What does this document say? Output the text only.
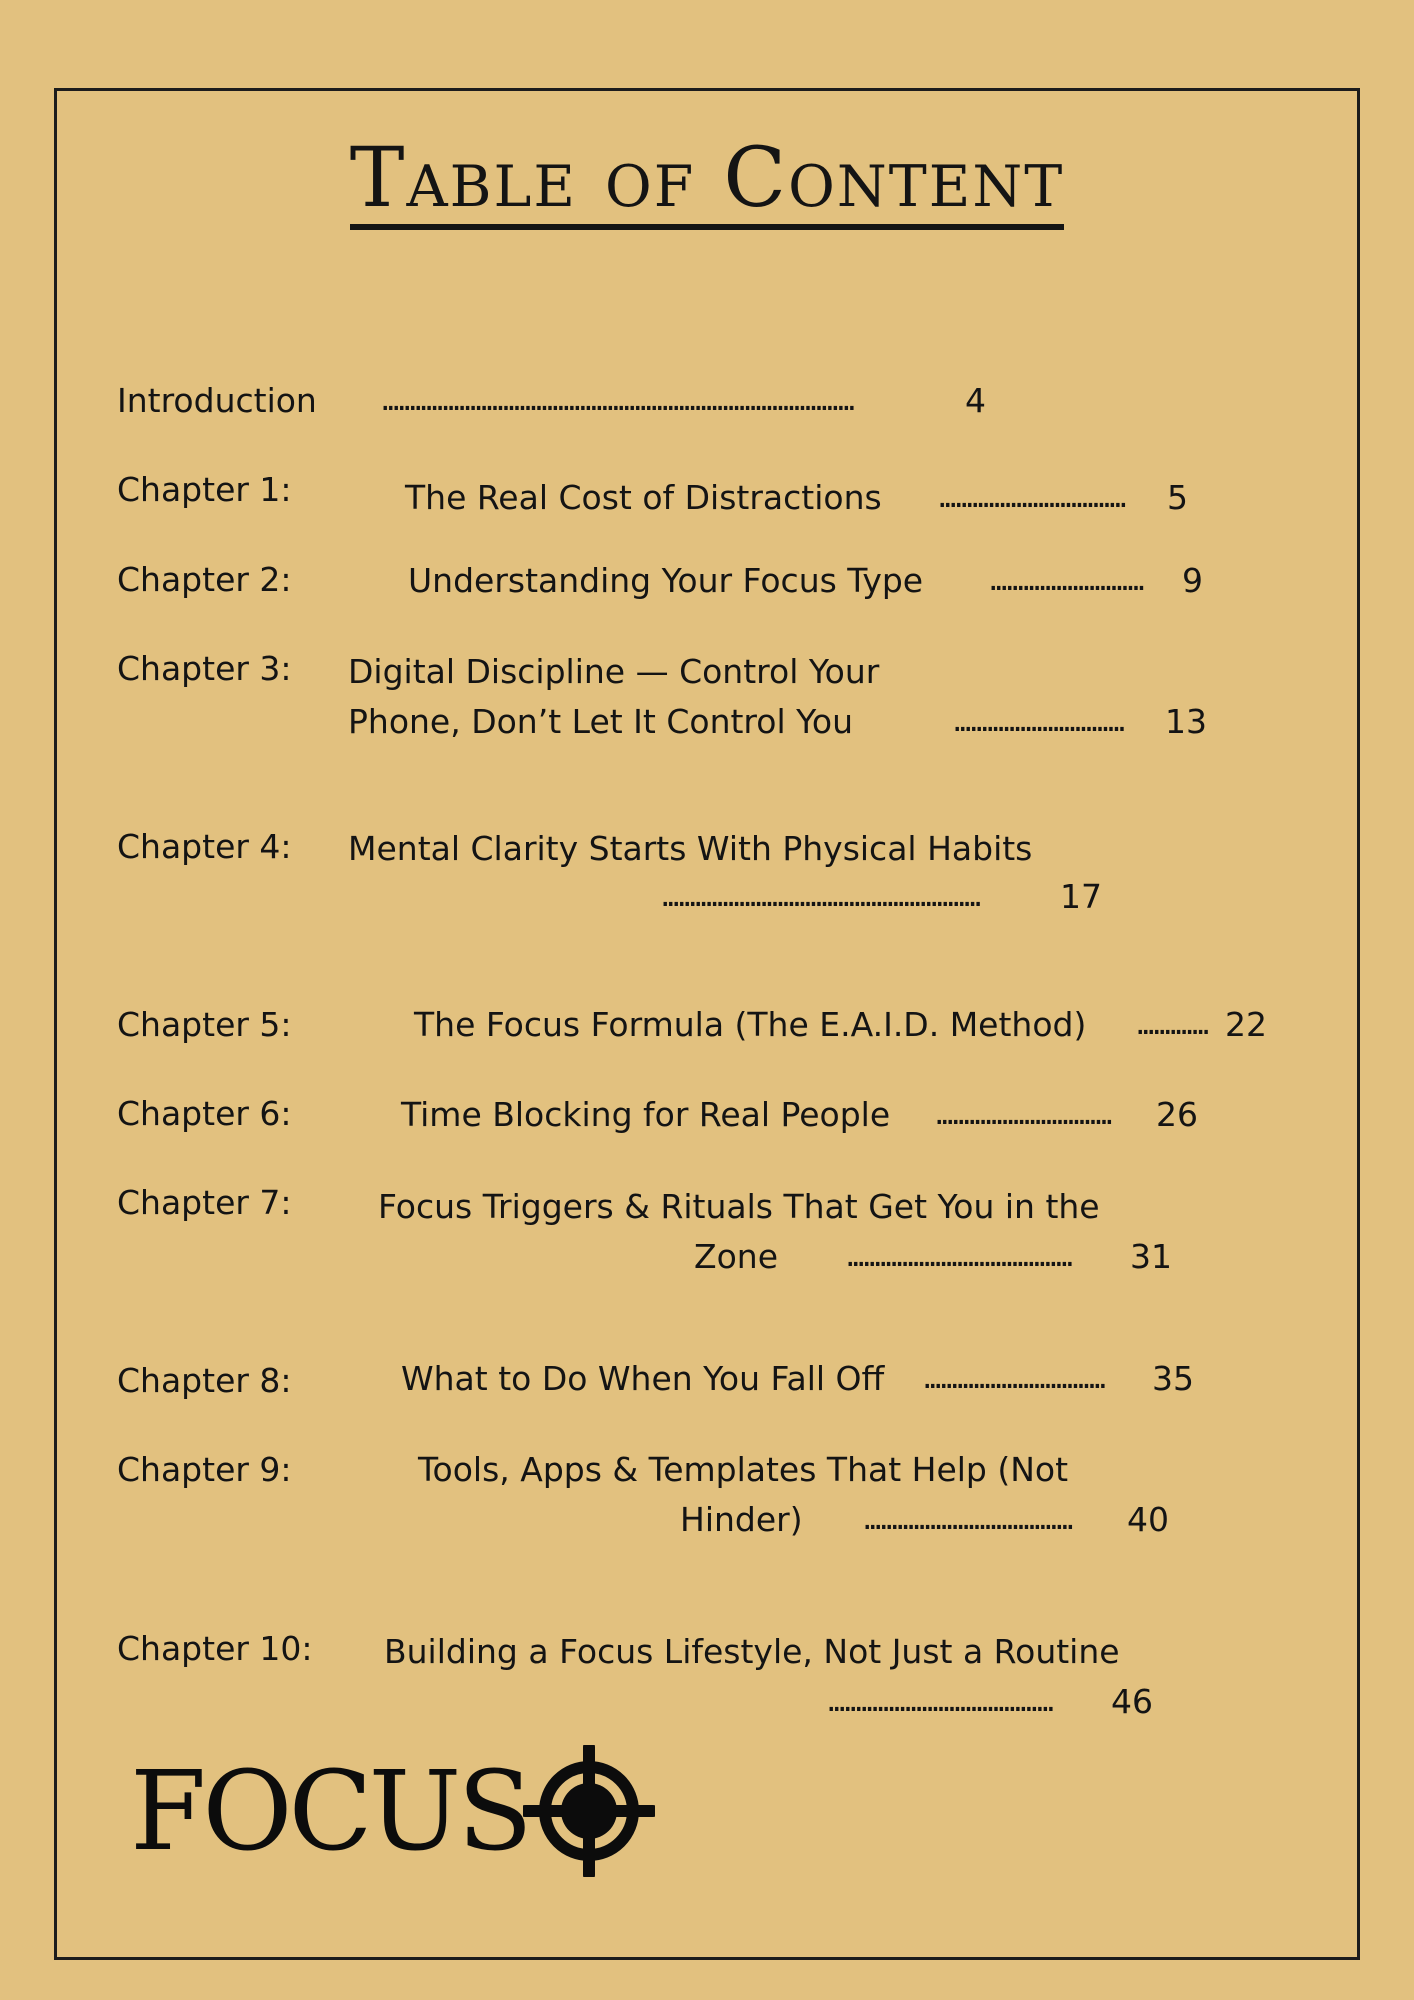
Table of Content
Introduction ......................................................................................	4
Chapter 1:	The Real Cost of Distractions ..................................	5
Chapter 2:	Understanding Your Focus Type ............................	9
Chapter 3: Digital Discipline — Control Your
Phone, Don’t Let It Control You	...............................	13
Chapter 4: Mental Clarity Starts With Physical Habits
..........................................................	17
Chapter 5:	The Focus Formula (The E.A.I.D. Method) ............. 22
Chapter 6:	Time Blocking for Real People ................................	26
Chapter 7:	Focus Triggers & Rituals That Get You in the
Zone .........................................	31
Chapter 8:	What to Do When You Fall Off .................................	35
Chapter 9:	Tools, Apps & Templates That Help (Not
Hinder) ......................................	40
Chapter 10: Building a Focus Lifestyle, Not Just a Routine
.........................................	46
FOCUS
